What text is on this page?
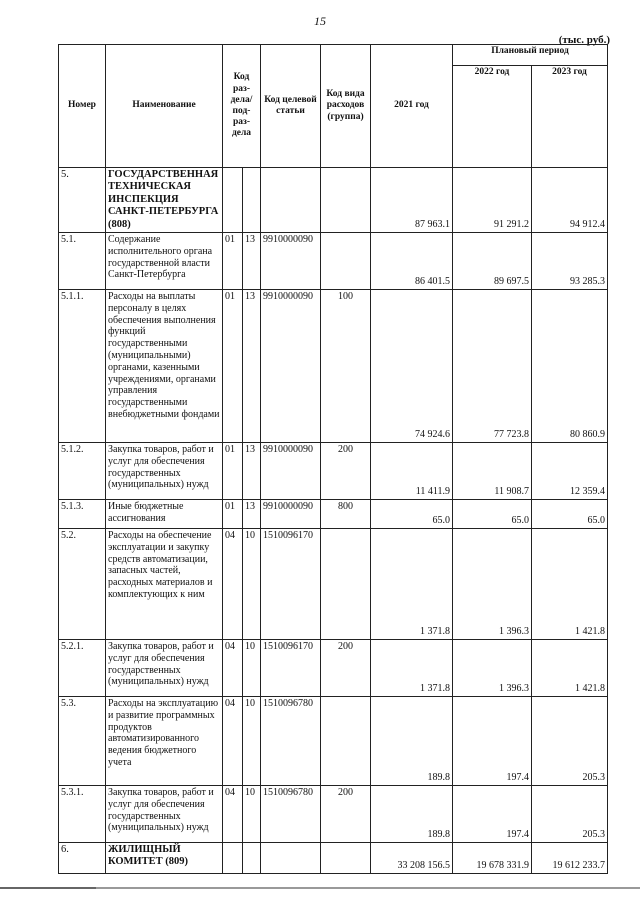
15
(тыс. руб.)
Номер	Наименование	Код раз- дела/ под- раз- дела		Код целевой статьи	Код вида расходов (группа)	2021 год	Плановый период	
							2022 год	2023 год
5.	ГОСУДАРСТВЕННАЯ ТЕХНИЧЕСКАЯ ИНСПЕКЦИЯ САНКТ-ПЕТЕРБУРГА (808)					87 963.1	91 291.2	94 912.4
5.1.	Содержание исполнительного органа государственной власти Санкт-Петербурга	01	13	9910000090		86 401.5	89 697.5	93 285.3
5.1.1.	Расходы на выплаты персоналу в целях обеспечения выполнения функций государственными (муниципальными) органами, казенными учреждениями, органами управления государственными внебюджетными фондами	01	13	9910000090	100	74 924.6	77 723.8	80 860.9
5.1.2.	Закупка товаров, работ и услуг для обеспечения государственных (муниципальных) нужд	01	13	9910000090	200	11 411.9	11 908.7	12 359.4
5.1.3.	Иные бюджетные ассигнования	01	13	9910000090	800	65.0	65.0	65.0
5.2.	Расходы на обеспечение эксплуатации и закупку средств автоматизации, запасных частей, расходных материалов и комплектующих к ним	04	10	1510096170		1 371.8	1 396.3	1 421.8
5.2.1.	Закупка товаров, работ и услуг для обеспечения государственных (муниципальных) нужд	04	10	1510096170	200	1 371.8	1 396.3	1 421.8
5.3.	Расходы на эксплуатацию и развитие программных продуктов автоматизированного ведения бюджетного учета	04	10	1510096780		189.8	197.4	205.3
5.3.1.	Закупка товаров, работ и услуг для обеспечения государственных (муниципальных) нужд	04	10	1510096780	200	189.8	197.4	205.3
6.	ЖИЛИЩНЫЙ КОМИТЕТ (809)					33 208 156.5	19 678 331.9	19 612 233.7
